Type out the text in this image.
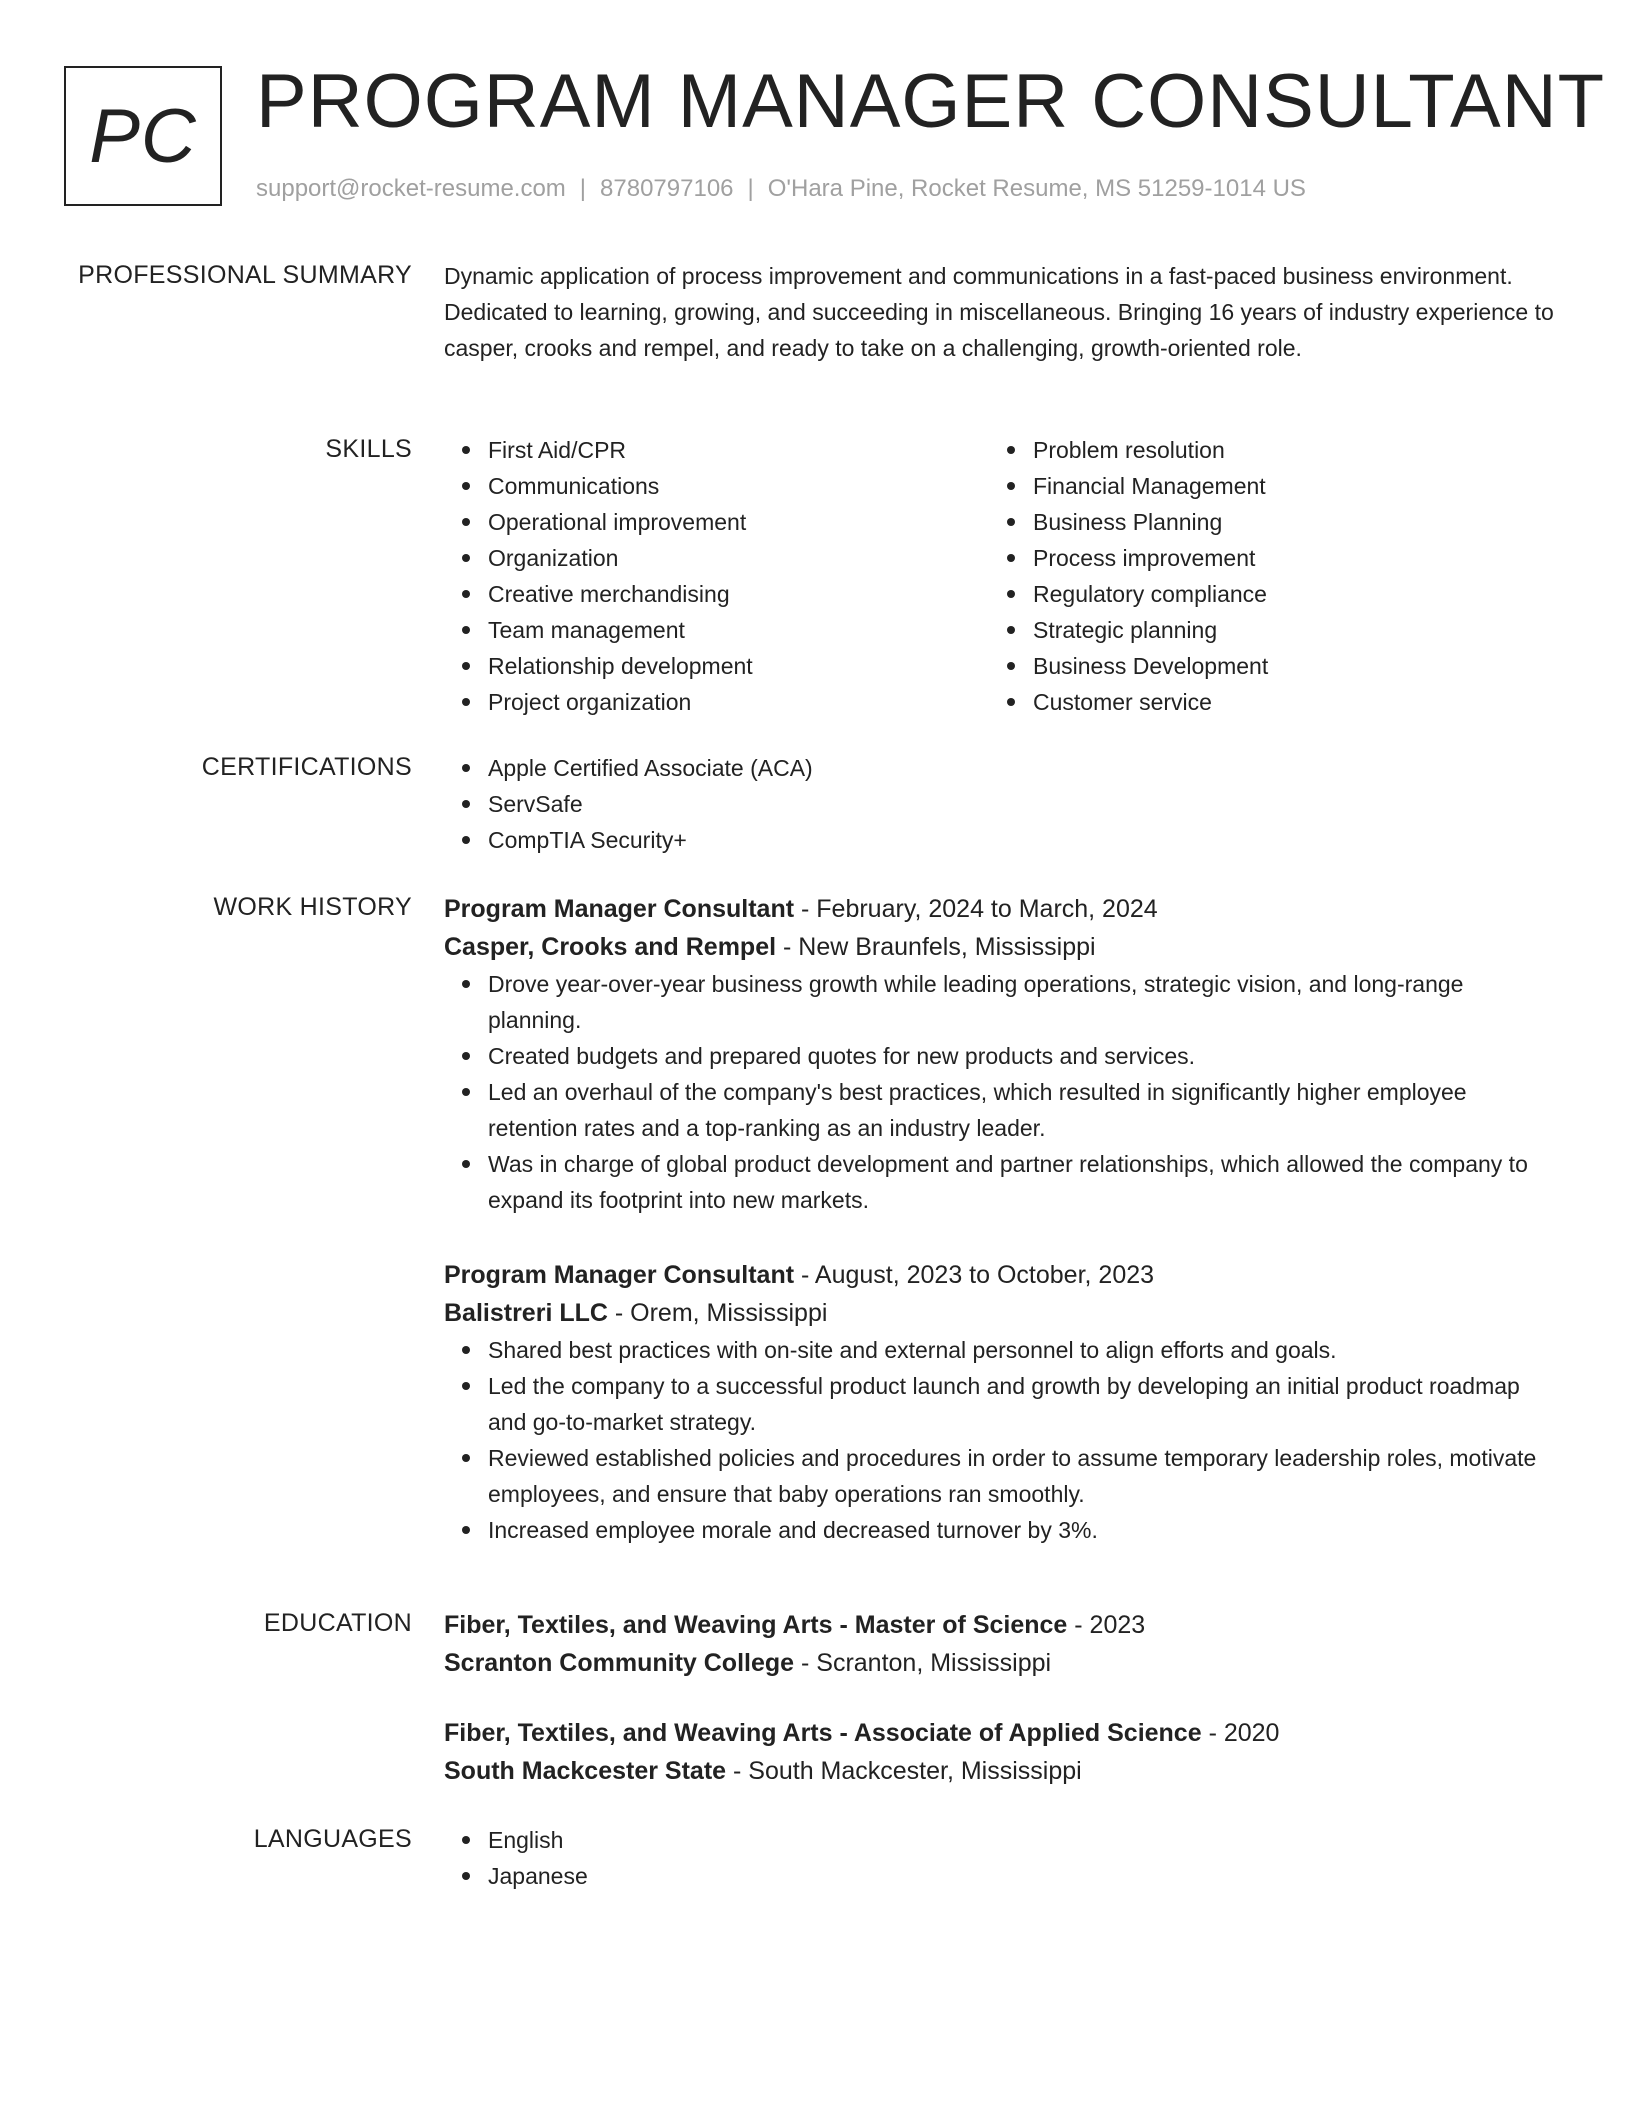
PC PROGRAM MANAGER CONSULTANT
support@rocket-resume.com | 8780797106 | O'Hara Pine, Rocket Resume, MS 51259-1014 US
PROFESSIONAL SUMMARY Dynamic application of process improvement and communications in a fast-paced business environment. Dedicated to learning, growing, and succeeding in miscellaneous. Bringing 16 years of industry experience to casper, crooks and rempel, and ready to take on a challenging, growth-oriented role.

SKILLS	First Aid/CPR
Communications
Operational improvement
Organization
Creative merchandising
Team management
Relationship development
Project organization
Problem resolution
Financial Management
Business Planning
Process improvement
Regulatory compliance
Strategic planning
Business Development
Customer service
CERTIFICATIONS	Apple Certified Associate (ACA)
ServSafe
CompTIA Security+
WORK HISTORY Program Manager Consultant - February, 2024 to March, 2024
Casper, Crooks and Rempel - New Braunfels, Mississippi
Drove year-over-year business growth while leading operations, strategic vision, and long-range planning.
Created budgets and prepared quotes for new products and services.
Led an overhaul of the company's best practices, which resulted in significantly higher employee retention rates and a top-ranking as an industry leader.
Was in charge of global product development and partner relationships, which allowed the company to expand its footprint into new markets.
Program Manager Consultant - August, 2023 to October, 2023
Balistreri LLC - Orem, Mississippi
Shared best practices with on-site and external personnel to align efforts and goals.
Led the company to a successful product launch and growth by developing an initial product roadmap and go-to-market strategy.
Reviewed established policies and procedures in order to assume temporary leadership roles, motivate employees, and ensure that baby operations ran smoothly.
Increased employee morale and decreased turnover by 3%.
EDUCATION Fiber, Textiles, and Weaving Arts - Master of Science - 2023
Scranton Community College - Scranton, Mississippi
Fiber, Textiles, and Weaving Arts - Associate of Applied Science - 2020
South Mackcester State - South Mackcester, Mississippi
LANGUAGES	English
Japanese
